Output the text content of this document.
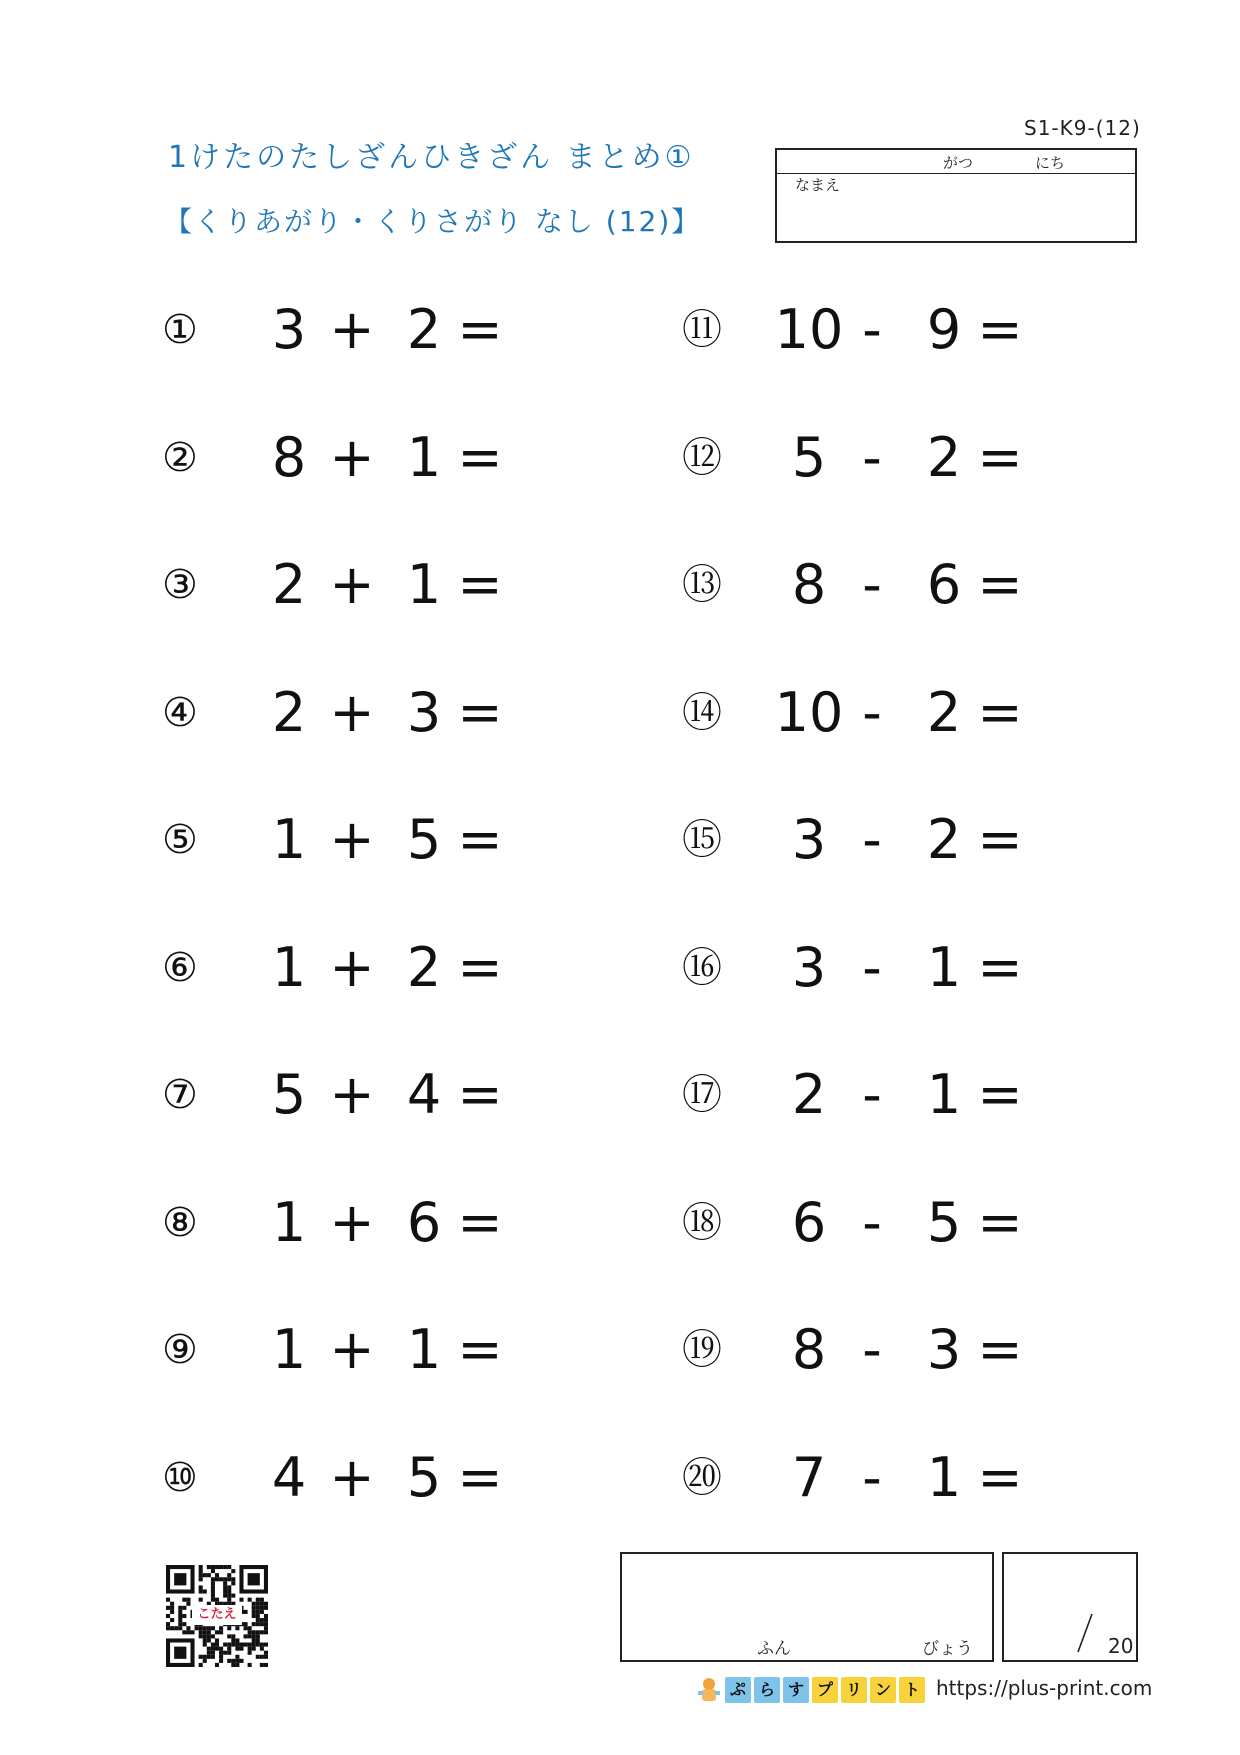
1けたのたしざんひきざん まとめ①
【くりあがり・くりさがり なし (12)】
S1-K9-(12)
がつ	にち
なまえ
①	3 + 2 =
②	8 + 1 =
③	2 + 1 =
④	2 + 3 =
⑤	1 + 5 =
⑥	1 + 2 =
⑦	5 + 4 =
⑧	1 + 6 =
⑨	1 + 1 =
⑩	4 + 5 =
⑪ 10 - 9 =
⑫	5 - 2 =
⑬	8 - 6 =
⑭ 10 - 2 =
⑮	3 - 2 =
⑯	3 - 1 =
⑰	2 - 1 =
⑱	6 - 5 =
⑲	8 - 3 =
⑳	7 - 1 =
こたえ
ふん	びょう	20
ぷ ら す プ リ ン ト https://plus-print.com
